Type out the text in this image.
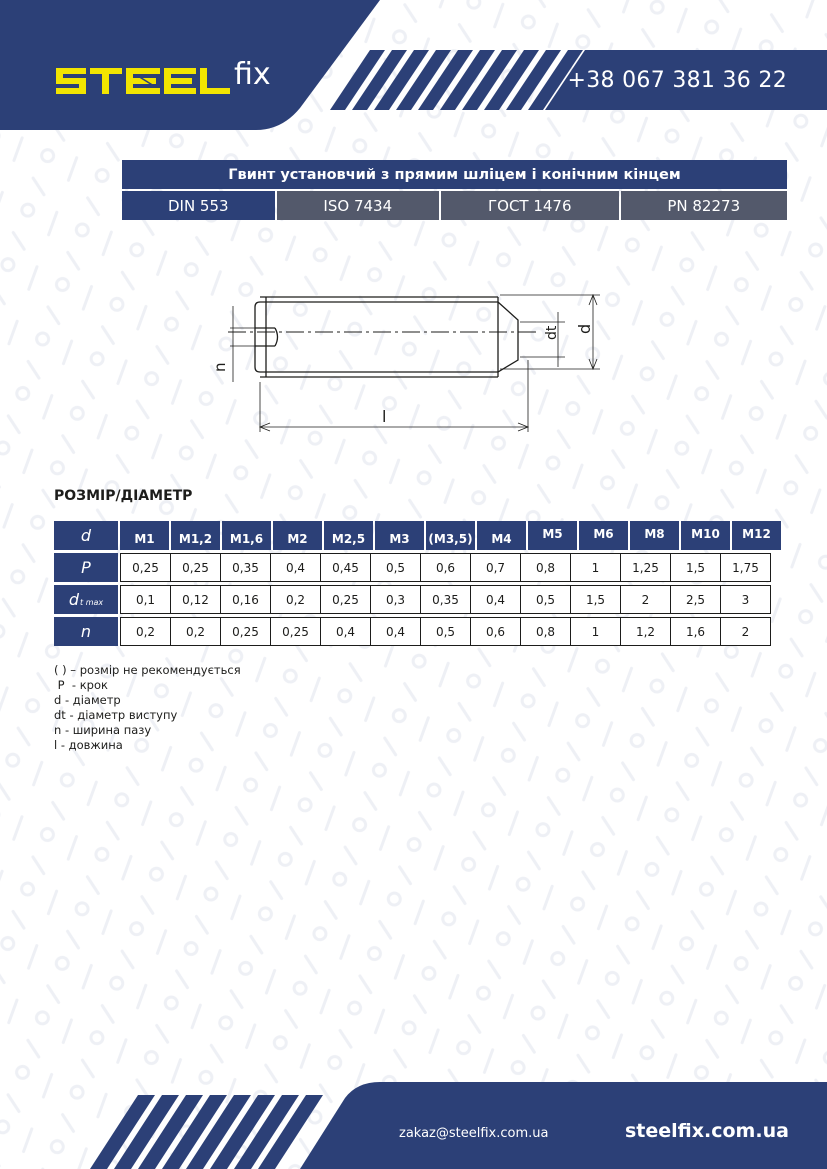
fix	+38 067 381 36 22
Гвинт установчий з прямим шліцем і конічним кінцем
DIN 553	ISO 7434	ГОСТ 1476	PN 82273
n
l
dt d
РОЗМІР/ДІАМЕТР
d	M1	M1,2	M1,6	M2	M2,5	M3	(M3,5)	M4	M5	M6	M8	M10	M12
P	0,25	0,25	0,35	0,4	0,45	0,5	0,6	0,7	0,8	1	1,25	1,5	1,75
d t max	0,1	0,12	0,16	0,2	0,25	0,3	0,35	0,4	0,5	1,5	2	2,5	3
n	0,2	0,2	0,25	0,25	0,4	0,4	0,5	0,6	0,8	1	1,2	1,6	2
( ) – розмір не рекомендується
P  - крок
d - діаметр
dt - діаметр виступу
n - ширина пазу
l - довжина
zakaz@steelfix.com.ua	steelfix.com.ua
